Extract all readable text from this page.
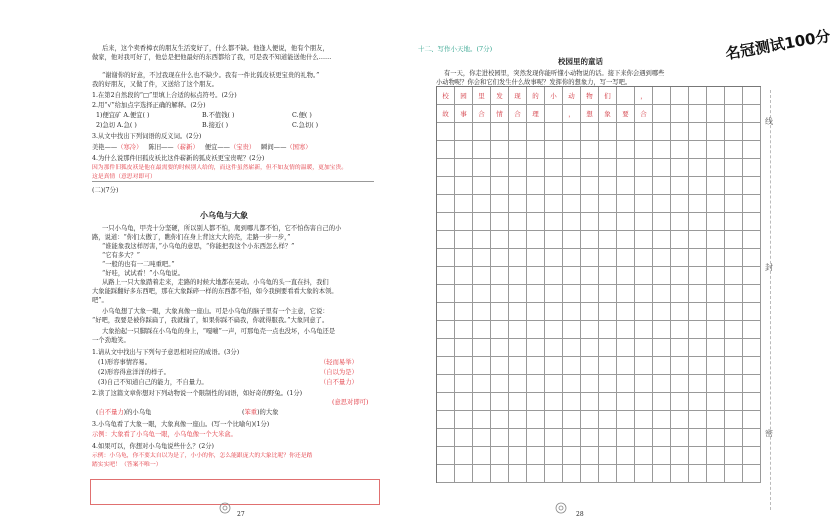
后来，这个卖香樟衣的朋友生活变好了，什么都不缺。他逢人便说，他有个朋友，
做家，他对我可好了，他总是把他最好的东西都给了我，可是我不知道能送他什么……
“谢谢你的好意，不过我现在什么也不缺少。我有一件比狐皮袄更宝贵的礼物。”
我的好朋友，又做了件，又送给了这个朋友。
1.在第2自然段的“□”里填上合适的标点符号。(2分)
2.用“√”给加点字选择正确的解释。(2分)
1)便宜矿 A.便宜( )	B.不值钱( )	C.便( )
2)急切 A.急( )	B.接近( )	C.急切( )
3.从文中找出下列词语的反义词。(2分)
美艳——（寒冷） 陈旧——（崭新） 便宜——（宝贵） 瞬间——（国寒）
4.为什么说那件旧狐皮袄比这件崭新的狐皮袄更宝贵呢？(2分)
因为那件旧狐皮袄是他在最需要的时候别人给的，而这件虽然崭新，但不如友情的温暖，更加宝贵。
这是真情（意思对即可）
(二)(7分)
小乌龟与大象
一只小乌龟，甲壳十分坚硬，所以别人都不怕，爬到哪儿都不怕，它不怕伤害自己的小
路，说道：“你们太傲了，瞧你们在身上背这大大的壳，走路一步一步，”
“谁能象我这样厉害，”小乌龟的意思，“你能把我这个小东西怎么样？”
“它有多大？”
“一般的也有一二吨重吧。”
“好哇，试试看！”小乌龟说。
从路上一只大象踏着走来，走路的时候大地都在晃动。小乌龟的头一直在抖，我们
大象能踩翻好多东西吧，那在大象踩碎一样的东西都不怕，如今我倒要看看大象的本领。
吧”。
小乌龟想了大象一眼，大象真像一座山。可是小乌龟的脑子里有一个主意，它说：
“好吧，我要是被你踩扁了，我就输了，如果你踩不扁我，你就得服我。”大象同意了。
大象抬起一只脚踩在小乌龟的身上，“嘎嘣”一声，可那龟壳一点也没坏，小乌龟还是
一个劲地笑。
1.请从文中找出与下列句子意思相对应的成语。(3分)
(1)形容事情容易。	（轻而易举）
(2)形容得意洋洋的样子。	（自以为是）
(3)自己不知道自己的能力，不自量力。	（自不量力）
2.读了这篇文章你想对下列动物说一个限制性的词语，如好奇的野兔。(1分)
(意思对即可)
(自不量力)的小乌龟	(笨重)的大象
3.小乌龟看了大象一眼，大象真像一座山。(写一个比喻句)(1分)
示例：大象看了小乌龟一眼，小乌龟像一个大米盒。
4.如果可以，你想对小乌龟说些什么？(2分)
示例：小乌龟，你不要太自以为是了，小小的你，怎么能跟庞大的大象比呢？你还是踏
踏实实吧！（答案不唯一）
27
十二、写作小天地。(7分)
校园里的童话
有一天，你走进校园里，突然发现你能听懂小动物说的话。接下来你会遇到哪些
小动物呢？你会和它们发生什么故事呢？发挥你的想象力，写一写吧。
校	园	里	发	现	的	小	动	物	们	，
故	事	合	情	合	理	，	想	象	要	合
28
名冠测试100分
线
封
密
